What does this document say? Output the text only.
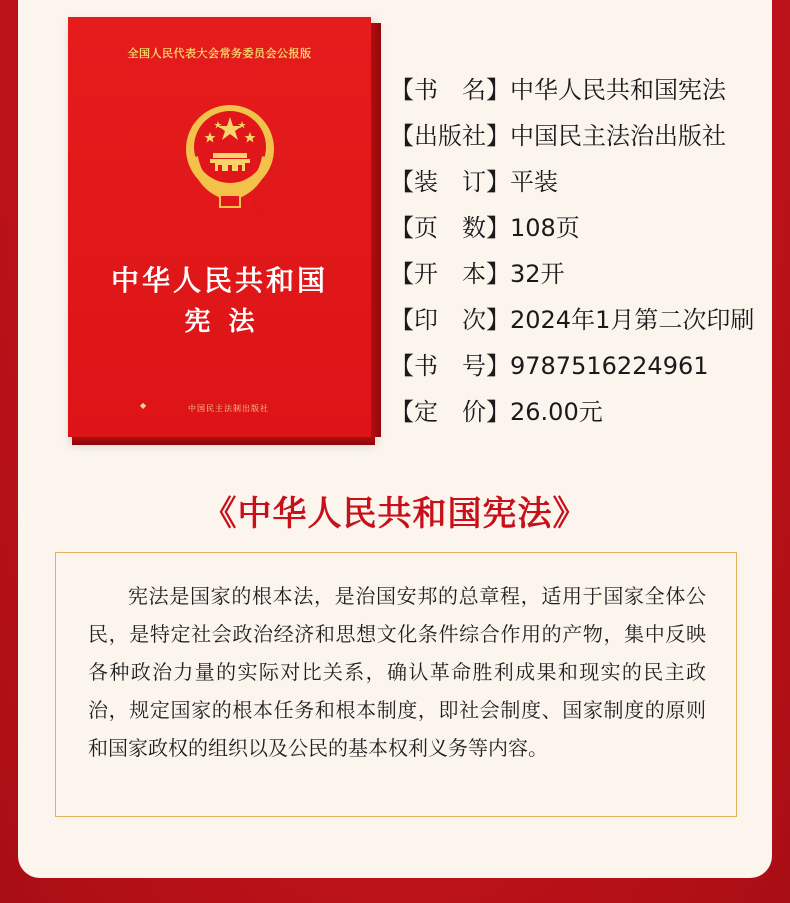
全国人民代表大会常务委员会公报版
中华人民共和国
宪法
◆	中国民主法制出版社
【书　名】 中华人民共和国宪法
【出版社】 中国民主法治出版社
【装　订】 平装
【页　数】 108页
【开　本】 32开
【印　次】 2024年1月第二次印刷
【书　号】 9787516224961
【定　价】 26.00元
《中华人民共和国宪法》
宪法是国家的根本法，是治国安邦的总章程，适用于国家全体公民，是特定社会政治经济和思想文化条件综合作用的产物，集中反映各种政治力量的实际对比关系，确认革命胜利成果和现实的民主政治，规定国家的根本任务和根本制度，即社会制度、国家制度的原则和国家政权的组织以及公民的基本权利义务等内容。
